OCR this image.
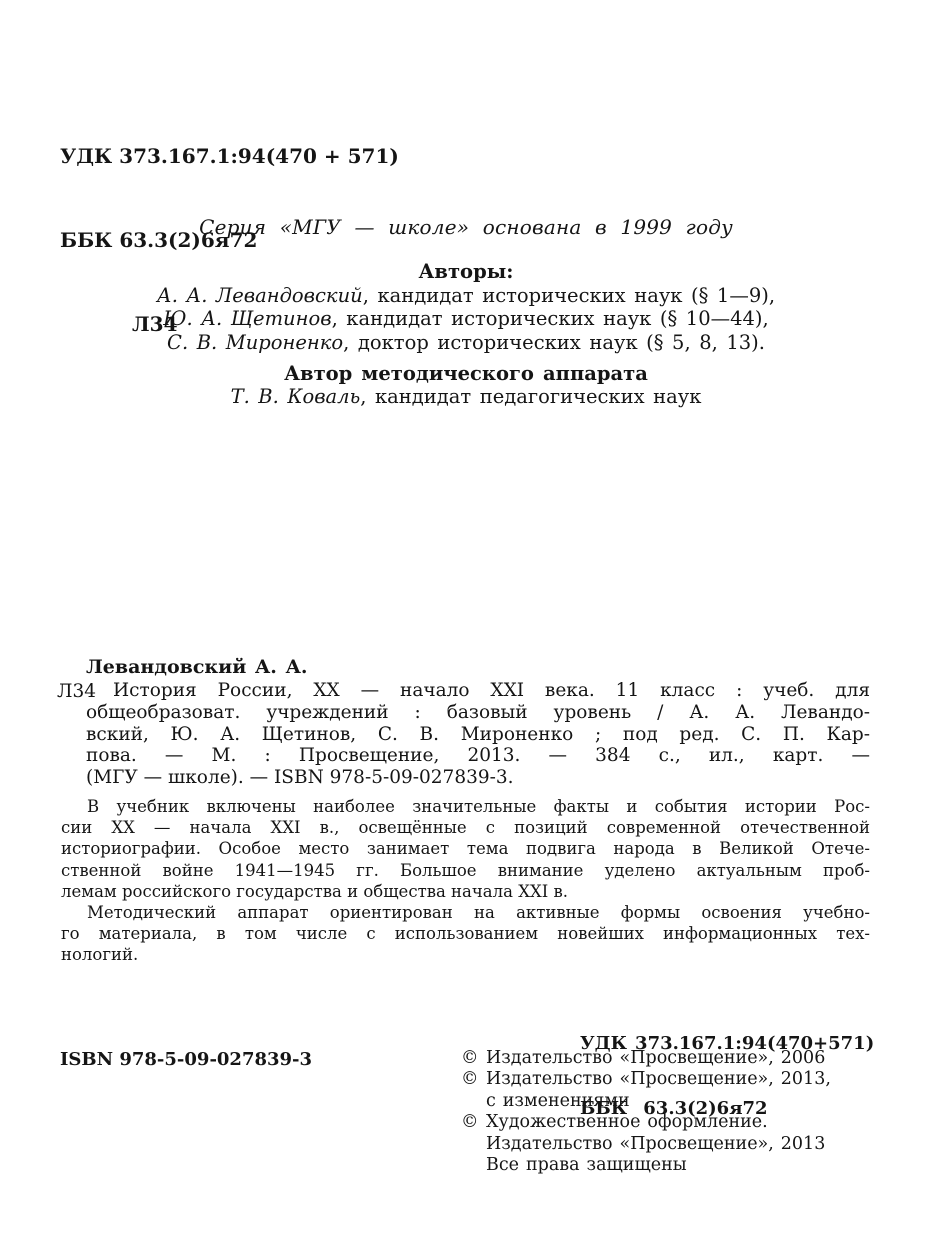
УДК 373.167.1:94(470 + 571)

ББК 63.3(2)6я72

Л34

Серия «МГУ — школе» основана в 1999 году
Авторы:
А. А. Левандовский, кандидат исторических наук (§ 1—9),
Ю. А. Щетинов, кандидат исторических наук (§ 10—44),
С. В. Мироненко, доктор исторических наук (§ 5, 8, 13).
Автор методического аппарата
Т. В. Коваль, кандидат педагогических наук
Левандовский А. А.
Л34 История России, XX — начало XXI века. 11 класс : учеб. для
общеобразоват. учреждений : базовый уровень / А. А. Левандо-
вский, Ю. А. Щетинов, С. В. Мироненко ; под ред. С. П. Кар-
пова. — М. : Просвещение, 2013. — 384 с., ил., карт. —
(МГУ — школе). — ISBN 978-5-09-027839-3.
В учебник включены наиболее значительные факты и события истории Рос-
сии XX — начала XXI в., освещённые с позиций современной отечественной
историографии. Особое место занимает тема подвига народа в Великой Отече-
ственной войне 1941—1945 гг. Большое внимание уделено актуальным проб-
лемам российского государства и общества начала XXI в.
Методический аппарат ориентирован на активные формы освоения учебно-
го материала, в том числе с использованием новейших информационных тех-
нологий.

УДК 373.167.1:94(470+571)

ББК  63.3(2)6я72

ISBN 978-5-09-027839-3	© Издательство «Просвещение», 2006
© Издательство «Просвещение», 2013,
с изменениями
© Художественное оформление.
Издательство «Просвещение», 2013
Все права защищены
